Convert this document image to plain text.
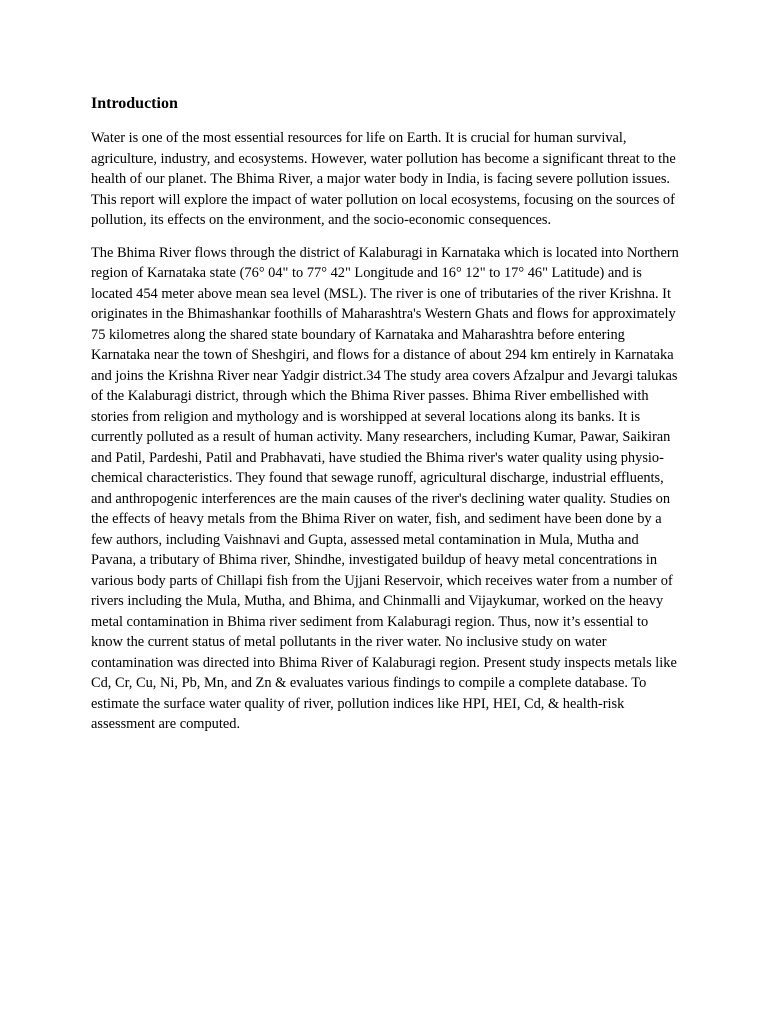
Introduction

Water is one of the most essential resources for life on Earth. It is crucial for human survival, agriculture, industry, and ecosystems. However, water pollution has become a significant threat to the health of our planet. The Bhima River, a major water body in India, is facing severe pollution issues. This report will explore the impact of water pollution on local ecosystems, focusing on the sources of pollution, its effects on the environment, and the socio-economic consequences.

The Bhima River flows through the district of Kalaburagi in Karnataka which is located into Northern region of Karnataka state (76° 04" to 77° 42" Longitude and 16° 12" to 17° 46" Latitude) and is located 454 meter above mean sea level (MSL). The river is one of tributaries of the river Krishna. It originates in the Bhimashankar foothills of Maharashtra's Western Ghats and flows for approximately 75 kilometres along the shared state boundary of Karnataka and Maharashtra before entering Karnataka near the town of Sheshgiri, and flows for a distance of about 294 km entirely in Karnataka and joins the Krishna River near Yadgir district.34 The study area covers Afzalpur and Jevargi talukas of the Kalaburagi district, through which the Bhima River passes. Bhima River embellished with stories from religion and mythology and is worshipped at several locations along its banks. It is currently polluted as a result of human activity. Many researchers, including Kumar, Pawar, Saikiran and Patil, Pardeshi, Patil and Prabhavati, have studied the Bhima river's water quality using physio-chemical characteristics. They found that sewage runoff, agricultural discharge, industrial effluents, and anthropogenic interferences are the main causes of the river's declining water quality. Studies on the effects of heavy metals from the Bhima River on water, fish, and sediment have been done by a few authors, including Vaishnavi and Gupta, assessed metal contamination in Mula, Mutha and Pavana, a tributary of Bhima river, Shindhe, investigated buildup of heavy metal concentrations in various body parts of Chillapi fish from the Ujjani Reservoir, which receives water from a number of rivers including the Mula, Mutha, and Bhima, and Chinmalli and Vijaykumar, worked on the heavy metal contamination in Bhima river sediment from Kalaburagi region. Thus, now it’s essential to know the current status of metal pollutants in the river water. No inclusive study on water contamination was directed into Bhima River of Kalaburagi region. Present study inspects metals like Cd, Cr, Cu, Ni, Pb, Mn, and Zn & evaluates various findings to compile a complete database. To estimate the surface water quality of river, pollution indices like HPI, HEI, Cd, & health-risk assessment are computed.
